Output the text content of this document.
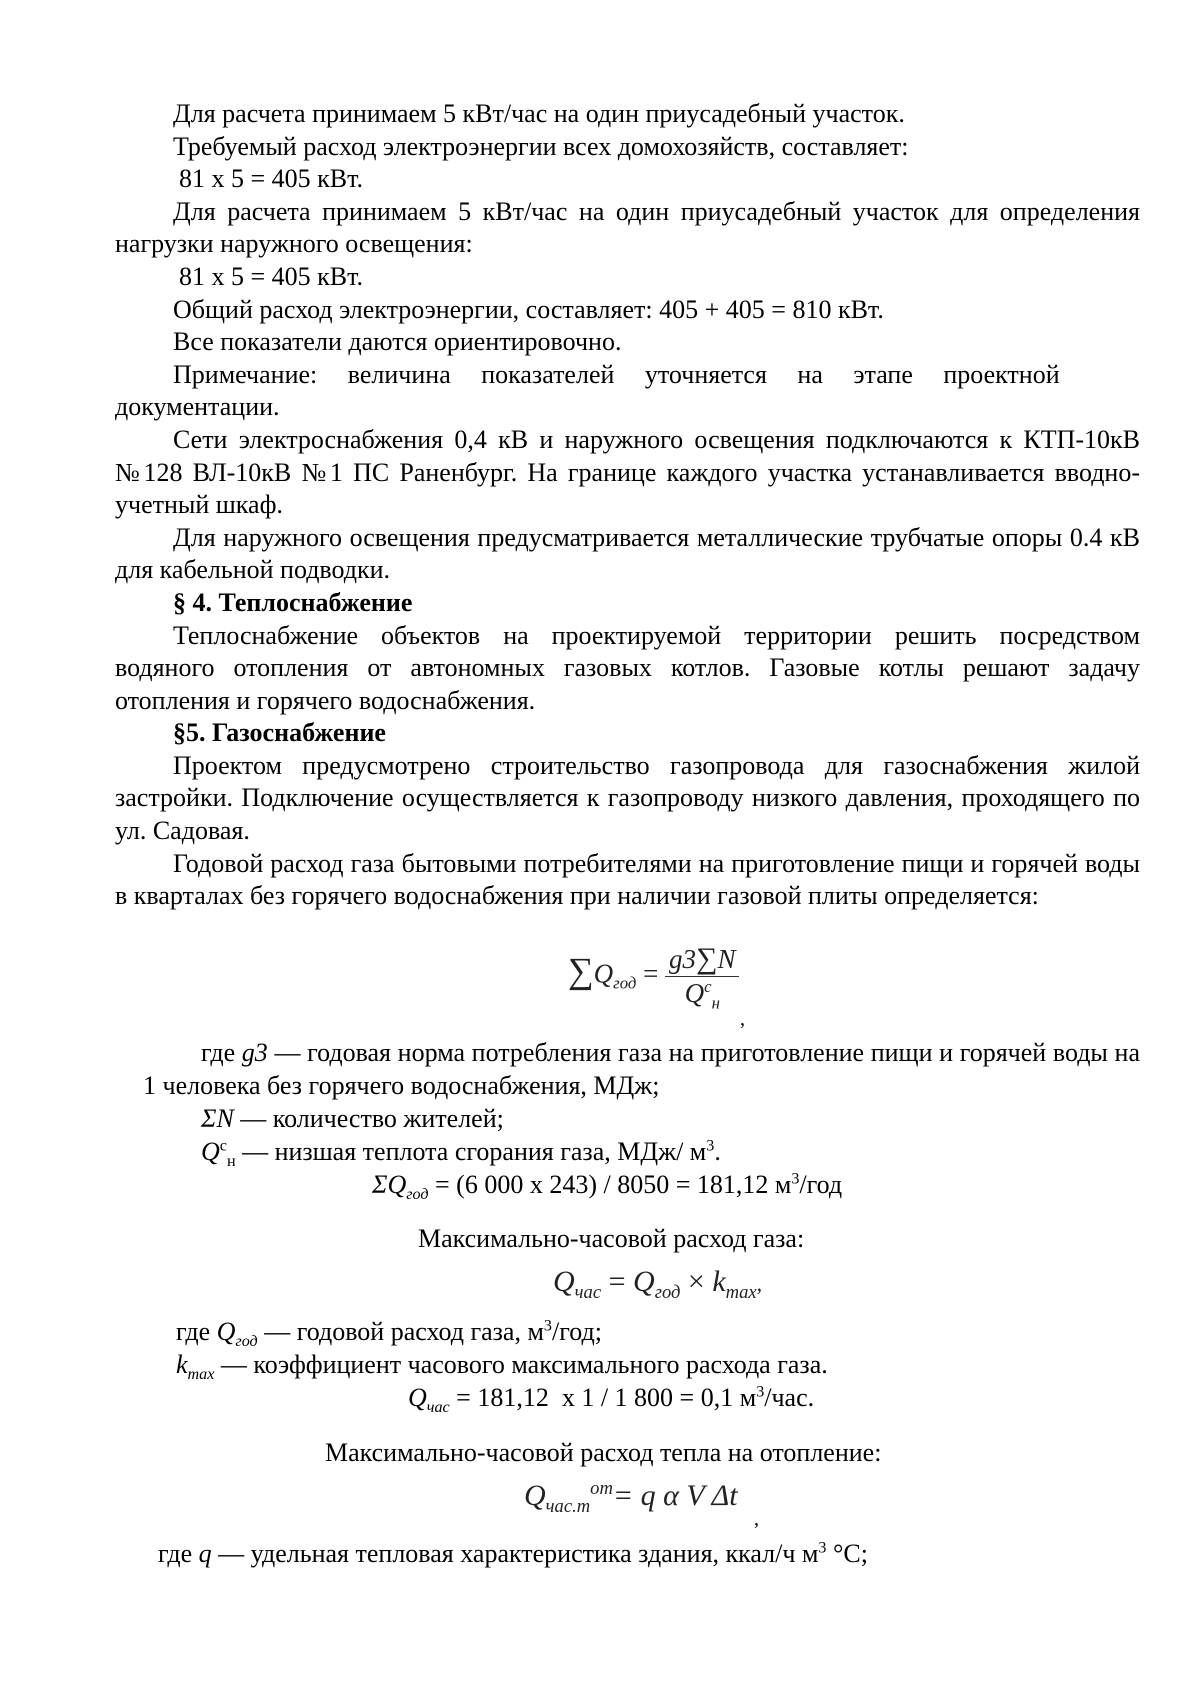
Для расчета принимаем 5 кВт/час на один приусадебный участок.

Требуемый расход электроэнергии всех домохозяйств, составляет:

81 х 5 = 405 кВт.

Для расчета принимаем 5 кВт/час на один приусадебный участок для определения нагрузки наружного освещения:

81 х 5 = 405 кВт.

Общий расход электроэнергии, составляет: 405 + 405 = 810 кВт.

Все показатели даются ориентировочно.

Примечание: величина показателей уточняется на этапе проектной документации.

Сети электроснабжения 0,4 кВ и наружного освещения подключаются к КТП-10кВ №128 ВЛ-10кВ №1 ПС Раненбург. На границе каждого участка устанавливается вводно-учетный шкаф.

Для наружного освещения предусматривается металлические трубчатые опоры 0.4 кВ для кабельной подводки.

§ 4. Теплоснабжение

Теплоснабжение объектов на проектируемой территории решить посредством водяного отопления от автономных газовых котлов. Газовые котлы решают задачу отопления и горячего водоснабжения.

§5. Газоснабжение

Проектом предусмотрено строительство газопровода для газоснабжения жилой застройки. Подключение осуществляется к газопроводу низкого давления, проходящего по ул. Садовая.

Годовой расход газа бытовыми потребителями на приготовление пищи и горячей воды в кварталах без горячего водоснабжения при наличии газовой плиты определяется:

$\sum Q_{год} = \frac{g3\sum N}{Q^с_н}$
,

где g3 — годовая норма потребления газа на приготовление пищи и горячей воды на 1 человека без горячего водоснабжения, МДж;

ΣN — количество жителей;
$Q^с_н$ — низшая теплота сгорания газа, МДж/ $м^3$.
$\Sigma Q_{год} = (6$ 000 х 243) / 8050 = 181,12 $м^3$/год
Максимально-часовой расход газа:
$Q_{час} = Q_{год} \times k_{max}$,
где $Q_{год}$ — годовой расход газа, $м^3$/год;
$k_{max}$ — коэффициент часового максимального расхода газа.
$Q_{час} = 181,12$  х 1 / 1 800 = 0,1 $м^3$/час.
Максимально-часовой расход тепла на отопление:
$Q_{час.т}^{от}= q$ α V Δt
,
где q — удельная тепловая характеристика здания, ккал/ч $м^3$ °С;
